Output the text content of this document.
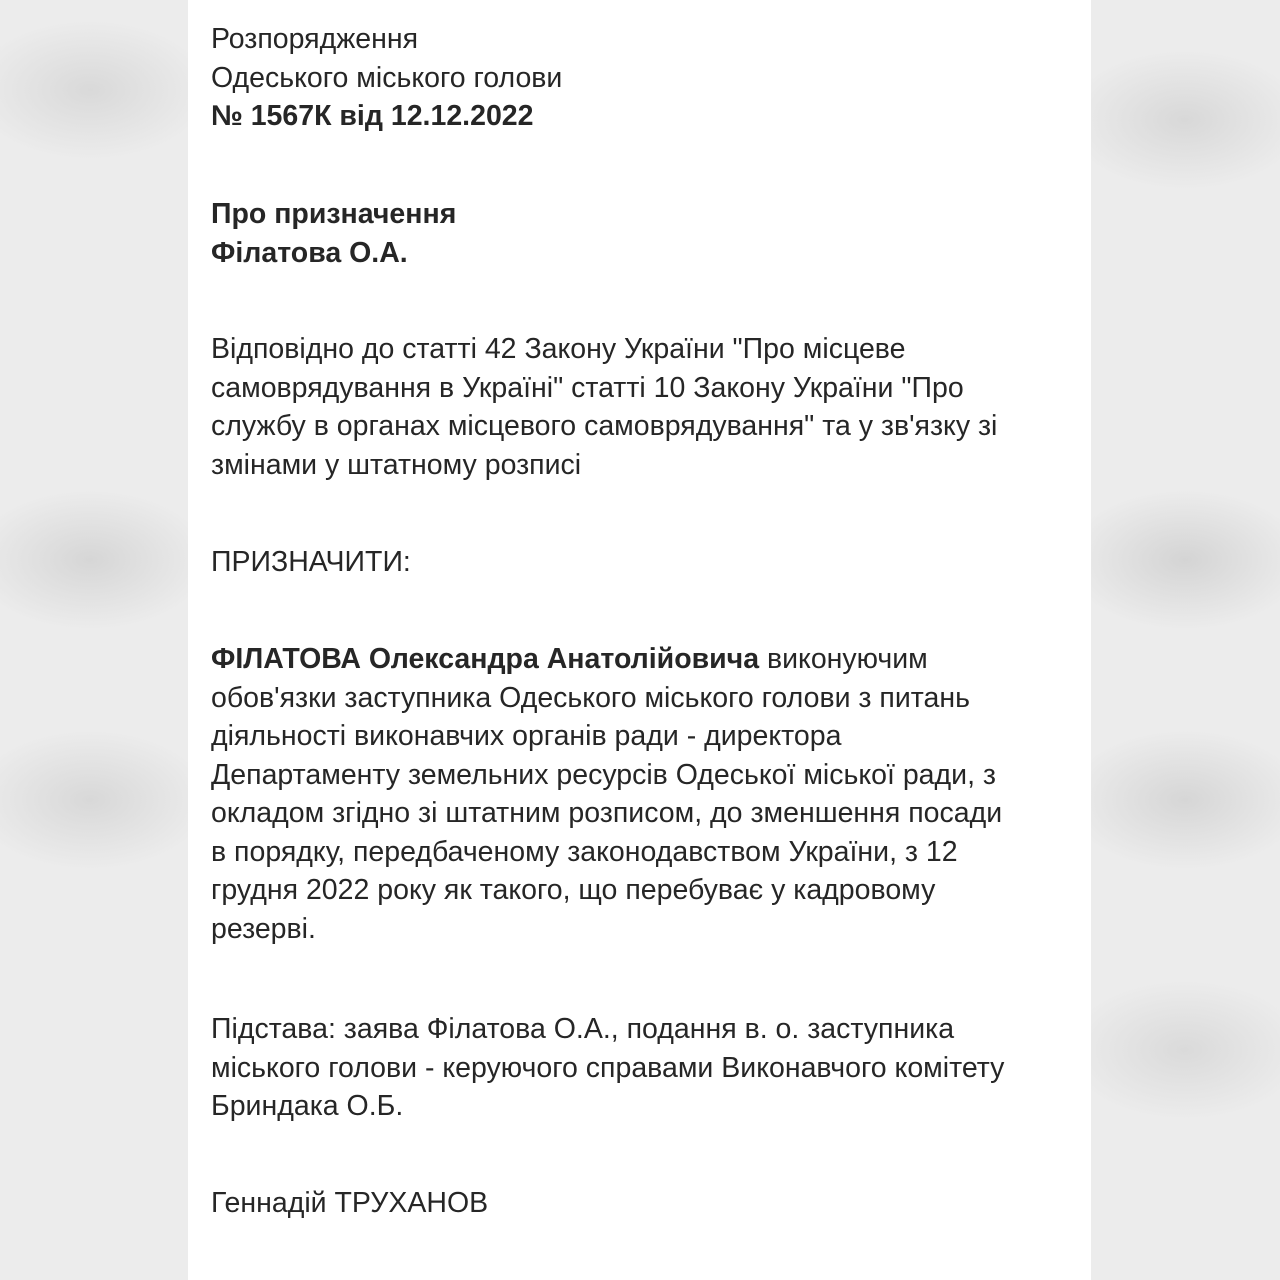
Розпорядження
Одеського міського голови
№ 1567К від 12.12.2022
Про призначення
Філатова О.А.
Відповідно до статті 42 Закону України "Про місцеве
самоврядування в Україні" статті 10 Закону України "Про
службу в органах місцевого самоврядування" та у зв'язку зі
змінами у штатному розписі
ПРИЗНАЧИТИ:
ФІЛАТОВА Олександра Анатолійовича виконуючим
обов'язки заступника Одеського міського голови з питань
діяльності виконавчих органів ради - директора
Департаменту земельних ресурсів Одеської міської ради, з
окладом згідно зі штатним розписом, до зменшення посади
в порядку, передбаченому законодавством України, з 12
грудня 2022 року як такого, що перебуває у кадровому
резерві.
Підстава: заява Філатова О.А., подання в. о. заступника
міського голови - керуючого справами Виконавчого комітету
Бриндака О.Б.
Геннадій ТРУХАНОВ
